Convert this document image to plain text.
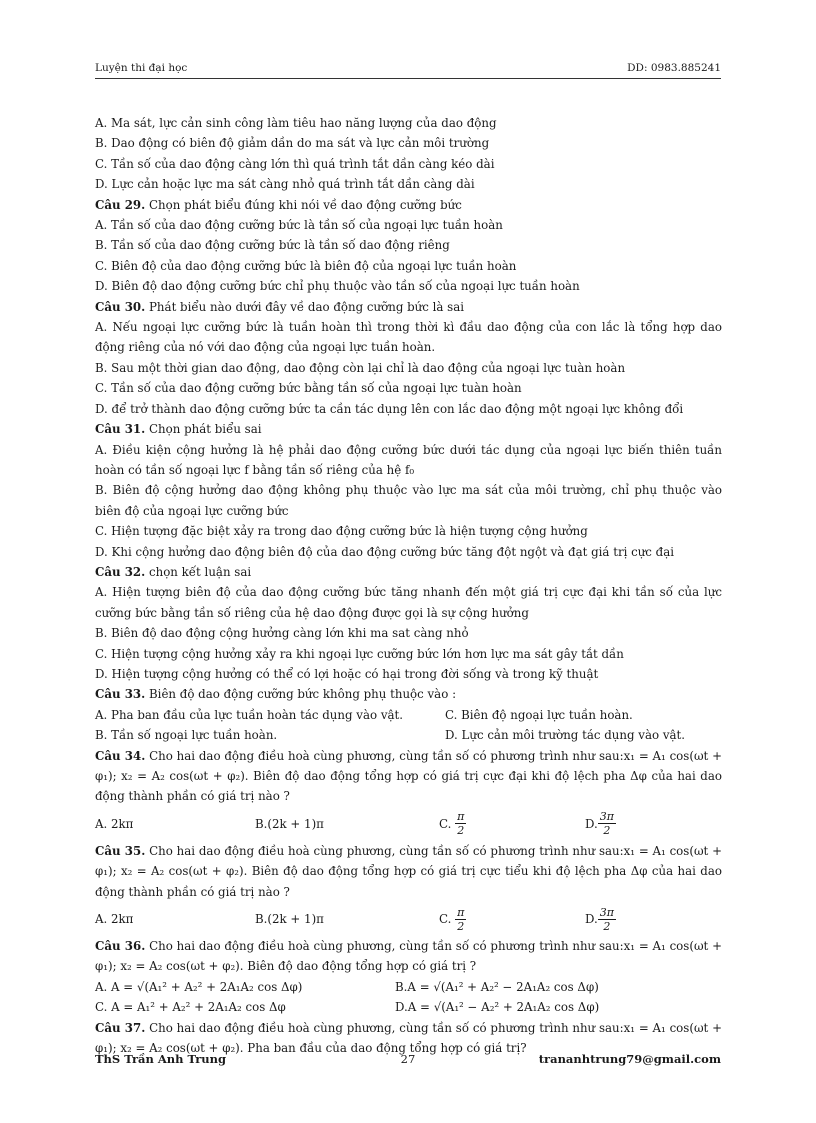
Luyện thi đại học	DD: 0983.885241
A. Ma sát, lực cản sinh công làm tiêu hao năng lượng của dao động
B. Dao động có biên độ giảm dần do ma sát và lực cản môi trường
C. Tần số của dao động càng lớn thì quá trình tắt dần càng kéo dài
D. Lực cản hoặc lực ma sát càng nhỏ quá trình tắt dần càng dài
Câu 29. Chọn phát biểu đúng khi nói về dao động cưỡng bức
A. Tần số của dao động cưỡng bức là tần số của ngoại lực tuần hoàn
B. Tần số của dao động cưỡng bức là tần số dao động riêng
C. Biên độ của dao động cưỡng bức là biên độ của ngoại lực tuần hoàn
D. Biên độ dao động cưỡng bức chỉ phụ thuộc vào tần số của ngoại lực tuần hoàn
Câu 30. Phát biểu nào dưới đây về dao động cưỡng bức là sai
A. Nếu ngoại lực cưỡng bức là tuần hoàn thì trong thời kì đầu dao động của con lắc là tổng hợp dao động riêng của nó với dao động của ngoại lực tuần hoàn.
B. Sau một thời gian dao động, dao động còn lại chỉ là dao động của ngoại lực tuàn hoàn
C. Tần số của dao động cưỡng bức bằng tần số của ngoại lực tuàn hoàn
D. để trở thành dao động cưỡng bức ta cần tác dụng lên con lắc dao động một ngoại lực không đổi
Câu 31. Chọn phát biểu sai
A. Điều kiện cộng hưởng là hệ phải dao động cưỡng bức dưới tác dụng của ngoại lực biến thiên tuần hoàn có tần số ngoại lực f bằng tần số riêng của hệ f₀
B. Biên độ cộng hưởng dao động không phụ thuộc vào lực ma sát của môi trường, chỉ phụ thuộc vào biên độ của ngoại lực cưỡng bức
C. Hiện tượng đặc biệt xảy ra trong dao động cưỡng bức là hiện tượng cộng hưởng
D. Khi cộng hưởng dao động biên độ của dao động cưỡng bức tăng đột ngột và đạt giá trị cực đại
Câu 32. chọn kết luận sai
A. Hiện tượng biên độ của dao động cưỡng bức tăng nhanh đến một giá trị cực đại khi tần số của lực cưỡng bức bằng tần số riêng của hệ dao động được gọi là sự cộng hưởng
B. Biên độ dao động cộng hưởng càng lớn khi ma sat càng nhỏ
C. Hiện tượng cộng hưởng xảy ra khi ngoại lực cưỡng bức lớn hơn lực ma sát gây tắt dần
D. Hiện tượng cộng hưởng có thể có lợi hoặc có hại trong đời sống và trong kỹ thuật
Câu 33. Biên độ dao động cưỡng bức không phụ thuộc vào :
A. Pha ban đầu của lực tuần hoàn tác dụng vào vật.	C. Biên độ ngoại lực tuần hoàn.
B. Tần số ngoại lực tuần hoàn.	D. Lực cản môi trường tác dụng vào vật.
Câu 34. Cho hai dao động điều hoà cùng phương, cùng tần số có phương trình như sau:x₁ = A₁ cos(ωt + φ₁); x₂ = A₂ cos(ωt + φ₂). Biên độ dao động tổng hợp có giá trị cực đại khi độ lệch pha Δφ của hai dao động thành phần có giá trị nào ?
A. 2kπ	B.(2k + 1)π	C.
$\frac{\pi}{2}$	D. $\frac{3\pi}{2}$
Câu 35. Cho hai dao động điều hoà cùng phương, cùng tần số có phương trình như sau:x₁ = A₁ cos(ωt + φ₁); x₂ = A₂ cos(ωt + φ₂). Biên độ dao động tổng hợp có giá trị cực tiểu khi độ lệch pha Δφ của hai dao động thành phần có giá trị nào ?
A. 2kπ	B.(2k + 1)π	C.
$\frac{\pi}{2}$	D. $\frac{3\pi}{2}$
Câu 36. Cho hai dao động điều hoà cùng phương, cùng tần số có phương trình như sau:x₁ = A₁ cos(ωt + φ₁); x₂ = A₂ cos(ωt + φ₂). Biên độ dao động tổng hợp có giá trị ?
A. A = √(A₁² + A₂² + 2A₁A₂ cos Δφ)	B.A = √(A₁² + A₂² − 2A₁A₂ cos Δφ)
C. A = A₁² + A₂² + 2A₁A₂ cos Δφ	D.A = √(A₁² − A₂² + 2A₁A₂ cos Δφ)
Câu 37. Cho hai dao động điều hoà cùng phương, cùng tần số có phương trình như sau:x₁ = A₁ cos(ωt + φ₁); x₂ = A₂ cos(ωt + φ₂). Pha ban đầu của dao động tổng hợp có giá trị?
ThS Trần Anh Trung	27	trananhtrung79@gmail.com
